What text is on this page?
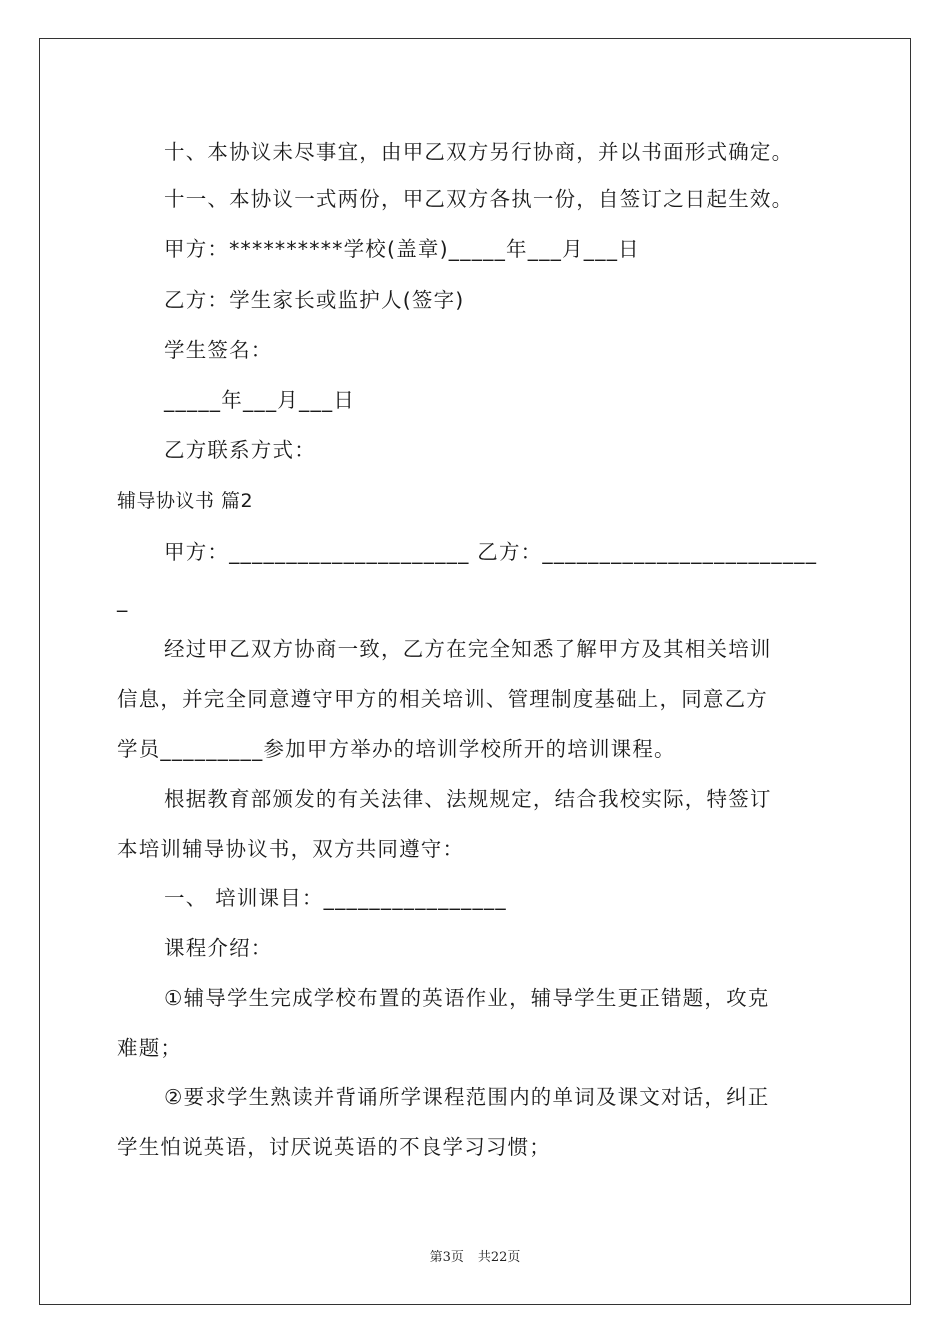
十、本协议未尽事宜，由甲乙双方另行协商，并以书面形式确定。
十一、本协议一式两份，甲乙双方各执一份，自签订之日起生效。
甲方：**********学校(盖章)_____年___月___日
乙方：学生家长或监护人(签字)
学生签名：
_____年___月___日
乙方联系方式：
辅导协议书 篇2
甲方：_____________________ 乙方：________________________
_
经过甲乙双方协商一致，乙方在完全知悉了解甲方及其相关培训
信息，并完全同意遵守甲方的相关培训、管理制度基础上，同意乙方
学员_________参加甲方举办的培训学校所开的培训课程。
根据教育部颁发的有关法律、法规规定，结合我校实际，特签订
本培训辅导协议书，双方共同遵守：
一、 培训课目：________________
课程介绍：
①辅导学生完成学校布置的英语作业，辅导学生更正错题，攻克
难题；
②要求学生熟读并背诵所学课程范围内的单词及课文对话，纠正
学生怕说英语，讨厌说英语的不良学习习惯；
第3页 共22页
